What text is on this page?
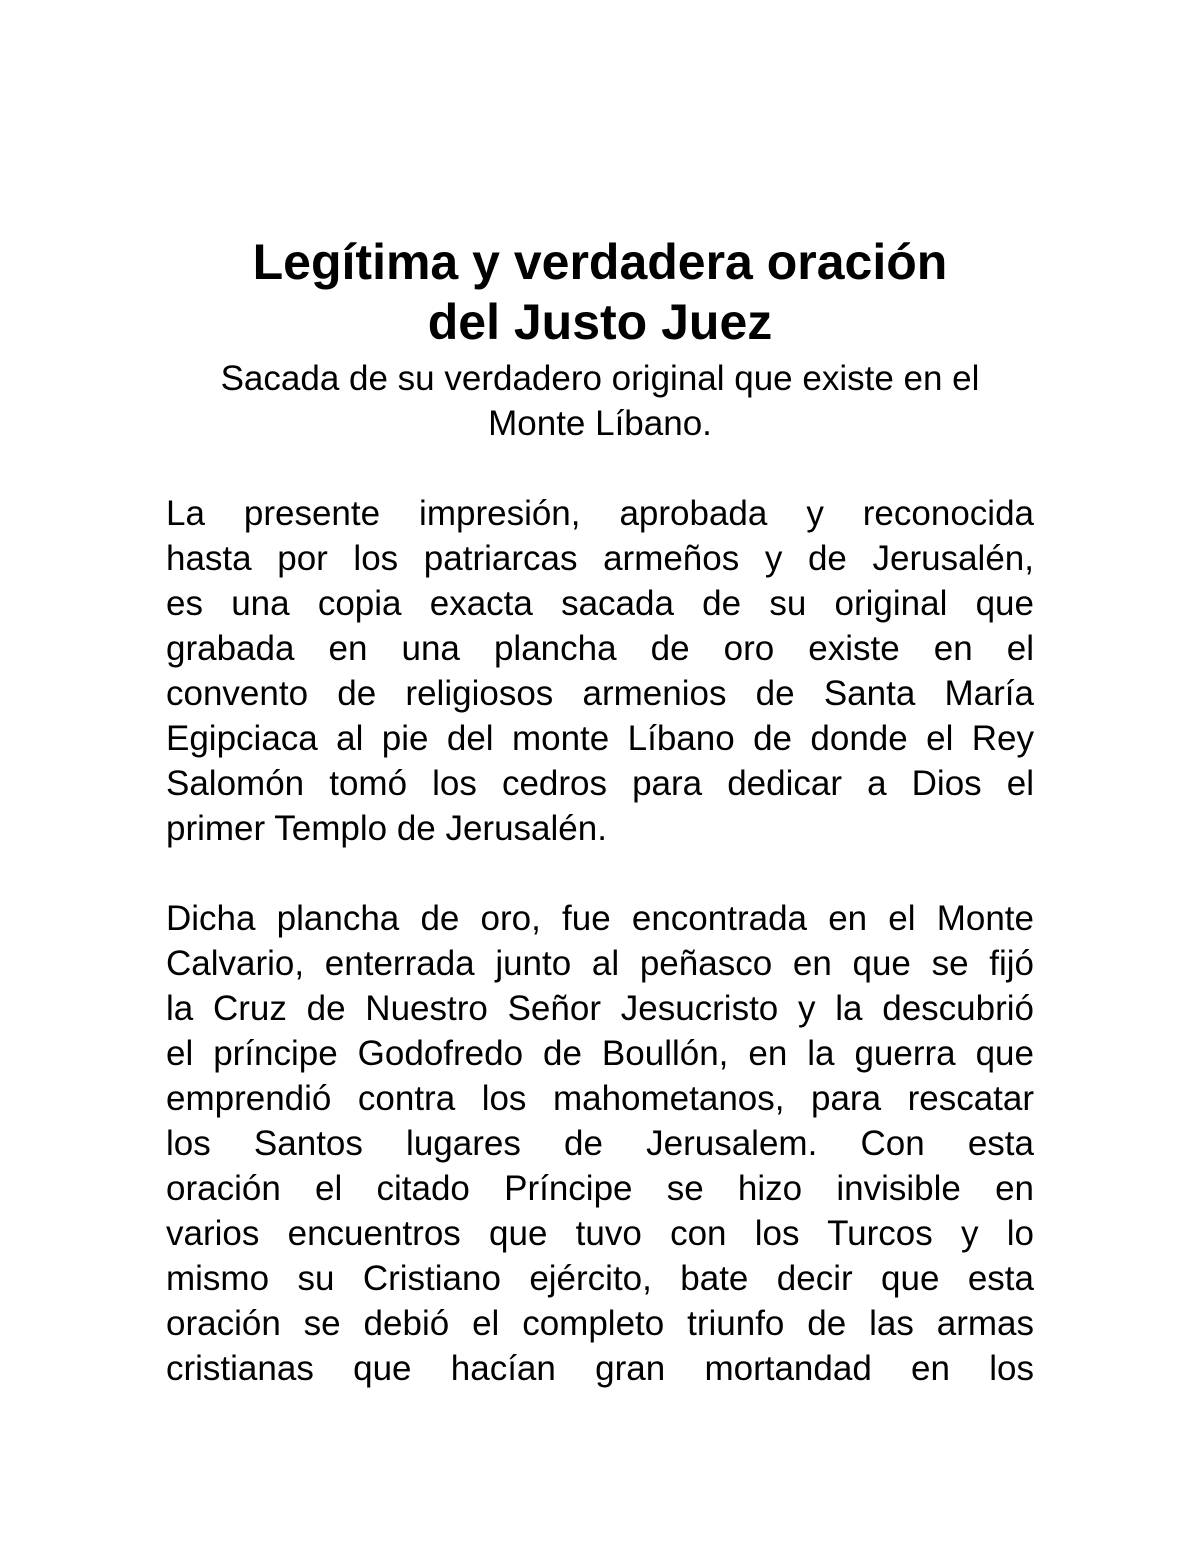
Legítima y verdadera oración
del Justo Juez

Sacada de su verdadero original que existe en el
Monte Líbano.

La presente impresión, aprobada y reconocida
hasta por los patriarcas armeños y de Jerusalén,
es una copia exacta sacada de su original que
grabada en una plancha de oro existe en el
convento de religiosos armenios de Santa María
Egipciaca al pie del monte Líbano de donde el Rey
Salomón tomó los cedros para dedicar a Dios el
primer Templo de Jerusalén.

Dicha plancha de oro, fue encontrada en el Monte
Calvario, enterrada junto al peñasco en que se fijó
la Cruz de Nuestro Señor Jesucristo y la descubrió
el príncipe Godofredo de Boullón, en la guerra que
emprendió contra los mahometanos, para rescatar
los Santos lugares de Jerusalem. Con esta
oración el citado Príncipe se hizo invisible en
varios encuentros que tuvo con los Turcos y lo
mismo su Cristiano ejército, bate decir que esta
oración se debió el completo triunfo de las armas
cristianas que hacían gran mortandad en los
